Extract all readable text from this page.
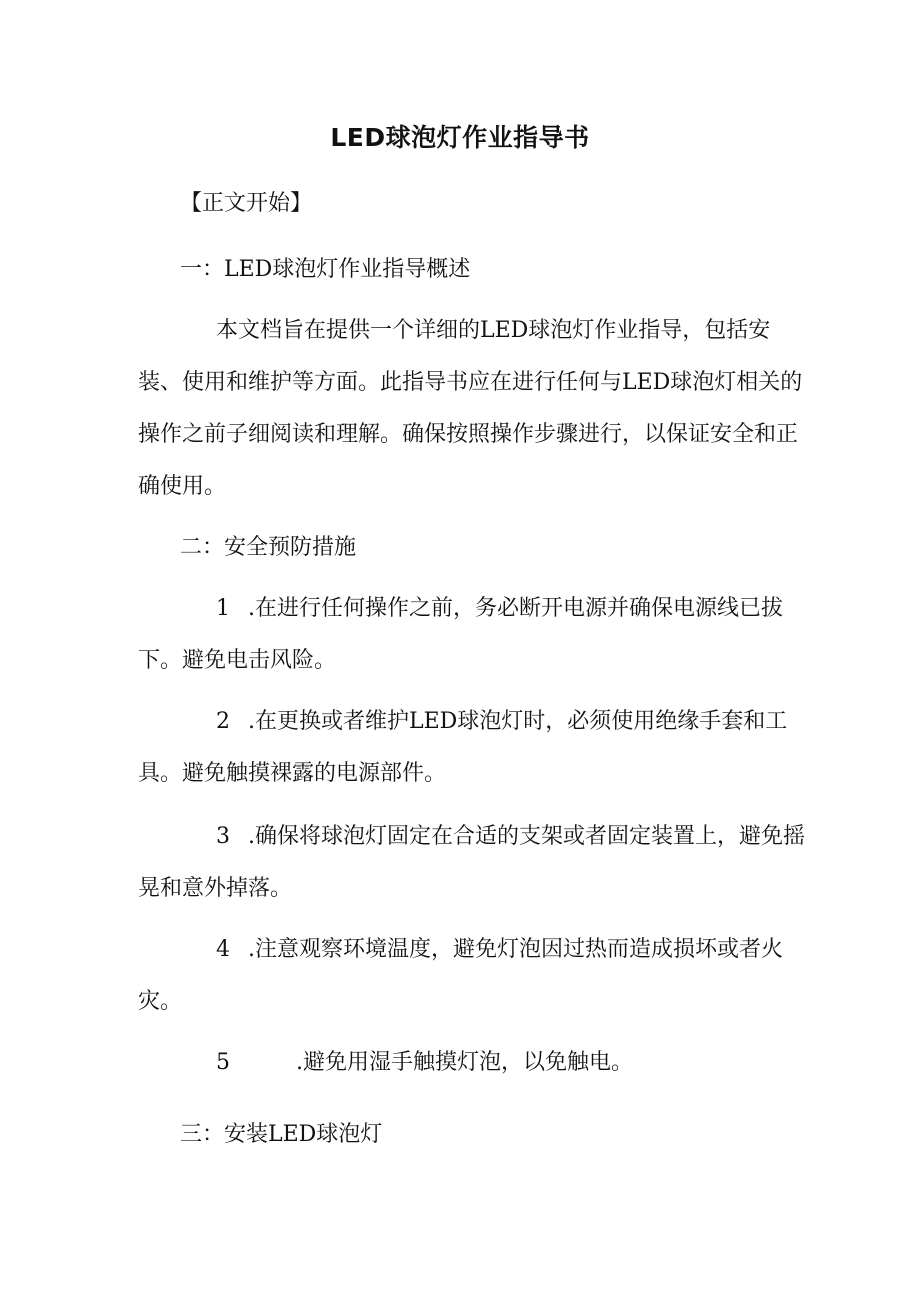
LED球泡灯作业指导书
【正文开始】
一：LED球泡灯作业指导概述
本文档旨在提供一个详细的LED球泡灯作业指导，包括安
装、使用和维护等方面。此指导书应在进行任何与LED球泡灯相关的
操作之前子细阅读和理解。确保按照操作步骤进行，以保证安全和正
确使用。
二：安全预防措施
1 .在进行任何操作之前，务必断开电源并确保电源线已拔
下。避免电击风险。
2 .在更换或者维护LED球泡灯时，必须使用绝缘手套和工
具。避免触摸裸露的电源部件。
3 .确保将球泡灯固定在合适的支架或者固定装置上，避免摇
晃和意外掉落。
4 .注意观察环境温度，避免灯泡因过热而造成损坏或者火
灾。
5	.避免用湿手触摸灯泡，以免触电。
三：安装LED球泡灯
